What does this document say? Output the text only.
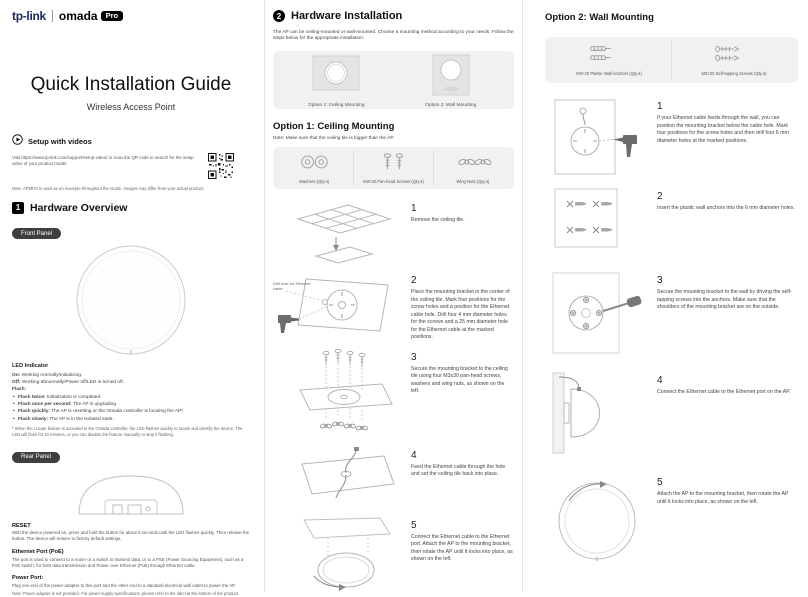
tp-link omada	Pro
Quick Installation Guide
Wireless Access Point
Setup with videos

Visit https://www.tp-link.com/support/setup-video/ or scan the QR code to search for the setup video of your product model.

Note: AP9670 is used as an example throughout the Guide. Images may differ from your actual product.

1 Hardware Overview
Front Panel
LED Indicator
On: Working normally/Initializing.
Off: Working abnormally/Power off/LED is turned off.
Flash:
• Flash twice: Initialization is completed.
• Flash once per second: The AP is upgrading.
• Flash quickly: The AP is resetting or the Omada controller is locating the AP*.
• Flash slowly: The AP is in the isolated state.

* When the Locate feature is activated in the Omada controller, the LED flashes quickly to locate and identify the device. The LED will flash for 10 minutes, or you can disable the feature manually to stop it flashing.

Rear Panel
RESET

With the device powered on, press and hold the button for about 5 seconds until the LED flashes quickly. Then release the button. The device will restore to factory default settings.

Ethernet Port (PoE)

The port is used to connect to a router or a switch to transmit data, or to a PSE (Power Sourcing Equipment), such as a PoE switch, for both data transmission and Power over Ethernet (PoE) through Ethernet cable.

Power Port:

Plug one end of the power adapter to this port and the other end to a standard electrical wall outlet to power the AP.

Note: Power adapter is not provided. For power supply specifications, please refer to the label at the bottom of the product.

2 Hardware Installation

The AP can be ceiling-mounted or wall-mounted. Choose a mounting method according to your needs. Follow the steps below for the appropriate installation.

Option 1: Ceiling Mounting	Option 2: Wall Mounting
Option 1: Ceiling Mounting

Note: Make sure that the ceiling tile is bigger than the AP.

Washers (Qty.4)	M3×30 Pan-head Screws (Qty.4)	Wing Nuts (Qty.4)
1

Remove the ceiling tile.

Drill hole for Ethernet cable
2

Place the mounting bracket in the center of the ceiling tile. Mark four positions for the screw holes and a position for the Ethernet cable hole. Drill four 4 mm diameter holes for the screws and a 25 mm diameter hole for the Ethernet cable at the marked positions.

3

Secure the mounting bracket to the ceiling tile using four M3x30 pan-head screws, washers and wing nuts, as shown on the left.

4

Feed the Ethernet cable through the hole and set the ceiling tile back into place.

5

Connect the Ethernet cable to the Ethernet port. Attach the AP to the mounting bracket, then rotate the AP until it locks into place, as shown on the left.

Option 2: Wall Mounting
M3×20 Plastic Wall Anchors (Qty.4)	M3×20 Self-tapping Screws (Qty.4)
1

If your Ethernet cable feeds through the wall, you can position the mounting bracket below the cable hole. Mark four positions for the screw holes and then drill four 6 mm diameter holes at the marked positions.

2

Insert the plastic wall anchors into the 6 mm diameter holes.

3

Secure the mounting bracket to the wall by driving the self-tapping screws into the anchors. Make sure that the shoulders of the mounting bracket are on the outside.

4

Connect the Ethernet cable to the Ethernet port on the AP.

5

Attach the AP to the mounting bracket, then rotate the AP until it locks into place, as shown on the left.
